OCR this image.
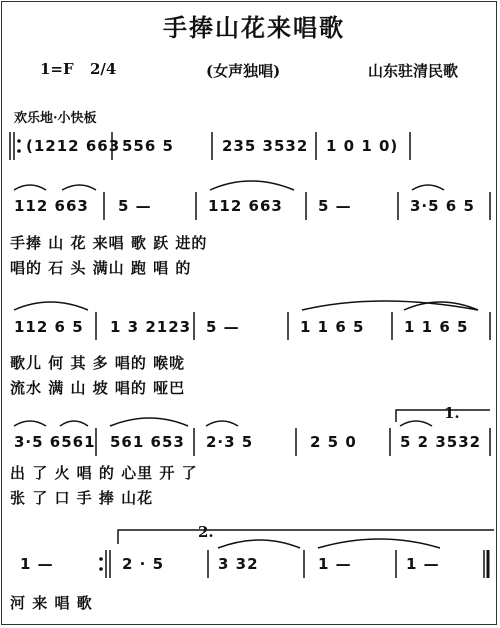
手捧山花来唱歌
1=F 2/4	(女声独唱)	山东驻清民歌
欢乐地·小快板
(1212 663 556 5	235 3532 1 0 1 0)
112 663 5 —	112 663 5 —	3·5 6 5
手捧 山 花 来唱 歌 跃 进的
唱的 石 头 满山 跑 唱 的
112 6 5 1 3 2123 5 —	1 1 6 5	1 1 6 5
歌儿 何 其 多 唱的 喉咙
流水 满 山 坡 唱的 哑巴
3·5 6561 561 653 2·3 5	2 5 0	5 2 3532
1.
出 了 火 唱 的 心里 开 了
张 了 口 手 捧 山花
1 —	2 · 5	3 32	1 —	1 —
2.
河 来 唱 歌
